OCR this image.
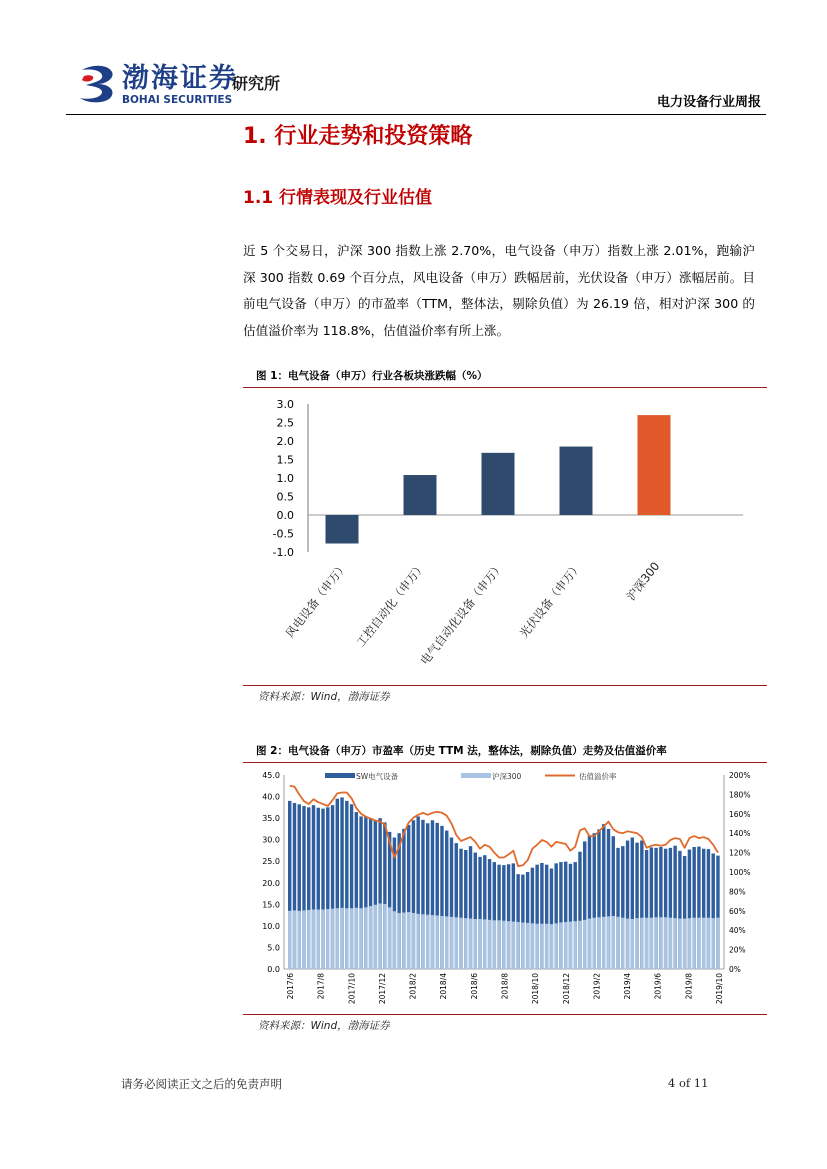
渤海证券
BOHAI SECURITIES
研究所
电力设备行业周报
1. 行业走势和投资策略
1.1 行情表现及行业估值
近 5 个交易日，沪深 300 指数上涨 2.70%，电气设备（申万）指数上涨 2.01%，跑输沪深 300 指数 0.69 个百分点，风电设备（申万）跌幅居前，光伏设备（申万）涨幅居前。目前电气设备（申万）的市盈率（TTM，整体法，剔除负值）为 26.19 倍，相对沪深 300 的估值溢价率为 118.8%，估值溢价率有所上涨。
图 1：电气设备（申万）行业各板块涨跌幅（%）
3.0
2.5
2.0
1.5
1.0
0.5
0.0
-0.5
-1.0
风电设备（申万） 工控自动化（申万）
电气自动化设备（申万） 光伏设备（申万）	沪深300
资料来源：Wind，渤海证券
图 2：电气设备（申万）市盈率（历史 TTM 法，整体法，剔除负值）走势及估值溢价率
SW电气设备	沪深300	估值溢价率
45.0
40.0
35.0
30.0
25.0
20.0
15.0
10.0
5.0
0.0
200%
180%
160%
140%
120%
100%
80%
60%
40%
20%
0%
2017/6	2017/8	2017/10	2017/12	2018/2	2018/4	2018/6	2018/8	2018/10	2018/12	2019/2	2019/4	2019/6	2019/8	2019/10
资料来源：Wind，渤海证券
请务必阅读正文之后的免责声明	4 of 11
